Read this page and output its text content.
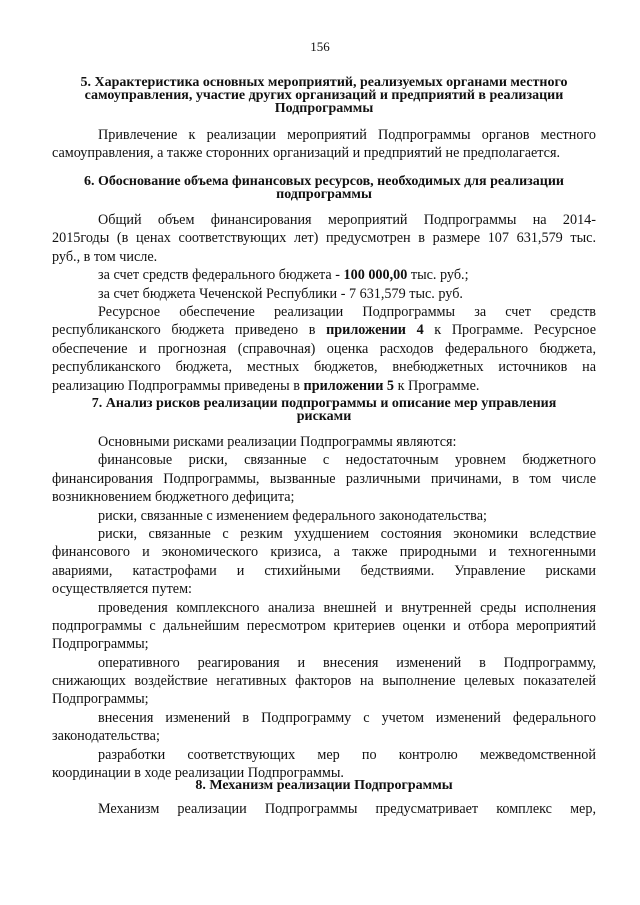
156
5. Характеристика основных мероприятий, реализуемых органами местного
самоуправления, участие других организаций и предприятий в реализации
Подпрограммы
Привлечение к реализации мероприятий Подпрограммы органов местного
самоуправления, а также сторонних организаций и предприятий не предполагается.
6. Обоснование объема финансовых ресурсов, необходимых для реализации
подпрограммы
Общий объем финансирования мероприятий Подпрограммы на 2014-
2015годы (в ценах соответствующих лет) предусмотрен в размере 107 631,579 тыс.
руб., в том числе.
за счет средств федерального бюджета - 100 000,00 тыс. руб.;
за счет бюджета Чеченской Республики - 7 631,579 тыс. руб.
Ресурсное обеспечение реализации Подпрограммы за счет средств
республиканского бюджета приведено в приложении 4 к Программе. Ресурсное
обеспечение и прогнозная (справочная) оценка расходов федерального бюджета,
республиканского бюджета, местных бюджетов, внебюджетных источников на
реализацию Подпрограммы приведены в приложении 5 к Программе.
7. Анализ рисков реализации подпрограммы и описание мер управления
рисками
Основными рисками реализации Подпрограммы являются:
финансовые риски, связанные с недостаточным уровнем бюджетного
финансирования Подпрограммы, вызванные различными причинами, в том числе
возникновением бюджетного дефицита;
риски, связанные с изменением федерального законодательства;
риски, связанные с резким ухудшением состояния экономики вследствие
финансового и экономического кризиса, а также природными и техногенными
авариями, катастрофами и стихийными бедствиями. Управление рисками
осуществляется путем:
проведения комплексного анализа внешней и внутренней среды исполнения
подпрограммы с дальнейшим пересмотром критериев оценки и отбора мероприятий
Подпрограммы;
оперативного реагирования и внесения изменений в Подпрограмму,
снижающих воздействие негативных факторов на выполнение целевых показателей
Подпрограммы;
внесения изменений в Подпрограмму с учетом изменений федерального
законодательства;
разработки соответствующих мер по контролю межведомственной
координации в ходе реализации Подпрограммы.
8. Механизм реализации Подпрограммы
Механизм реализации Подпрограммы предусматривает комплекс мер,
